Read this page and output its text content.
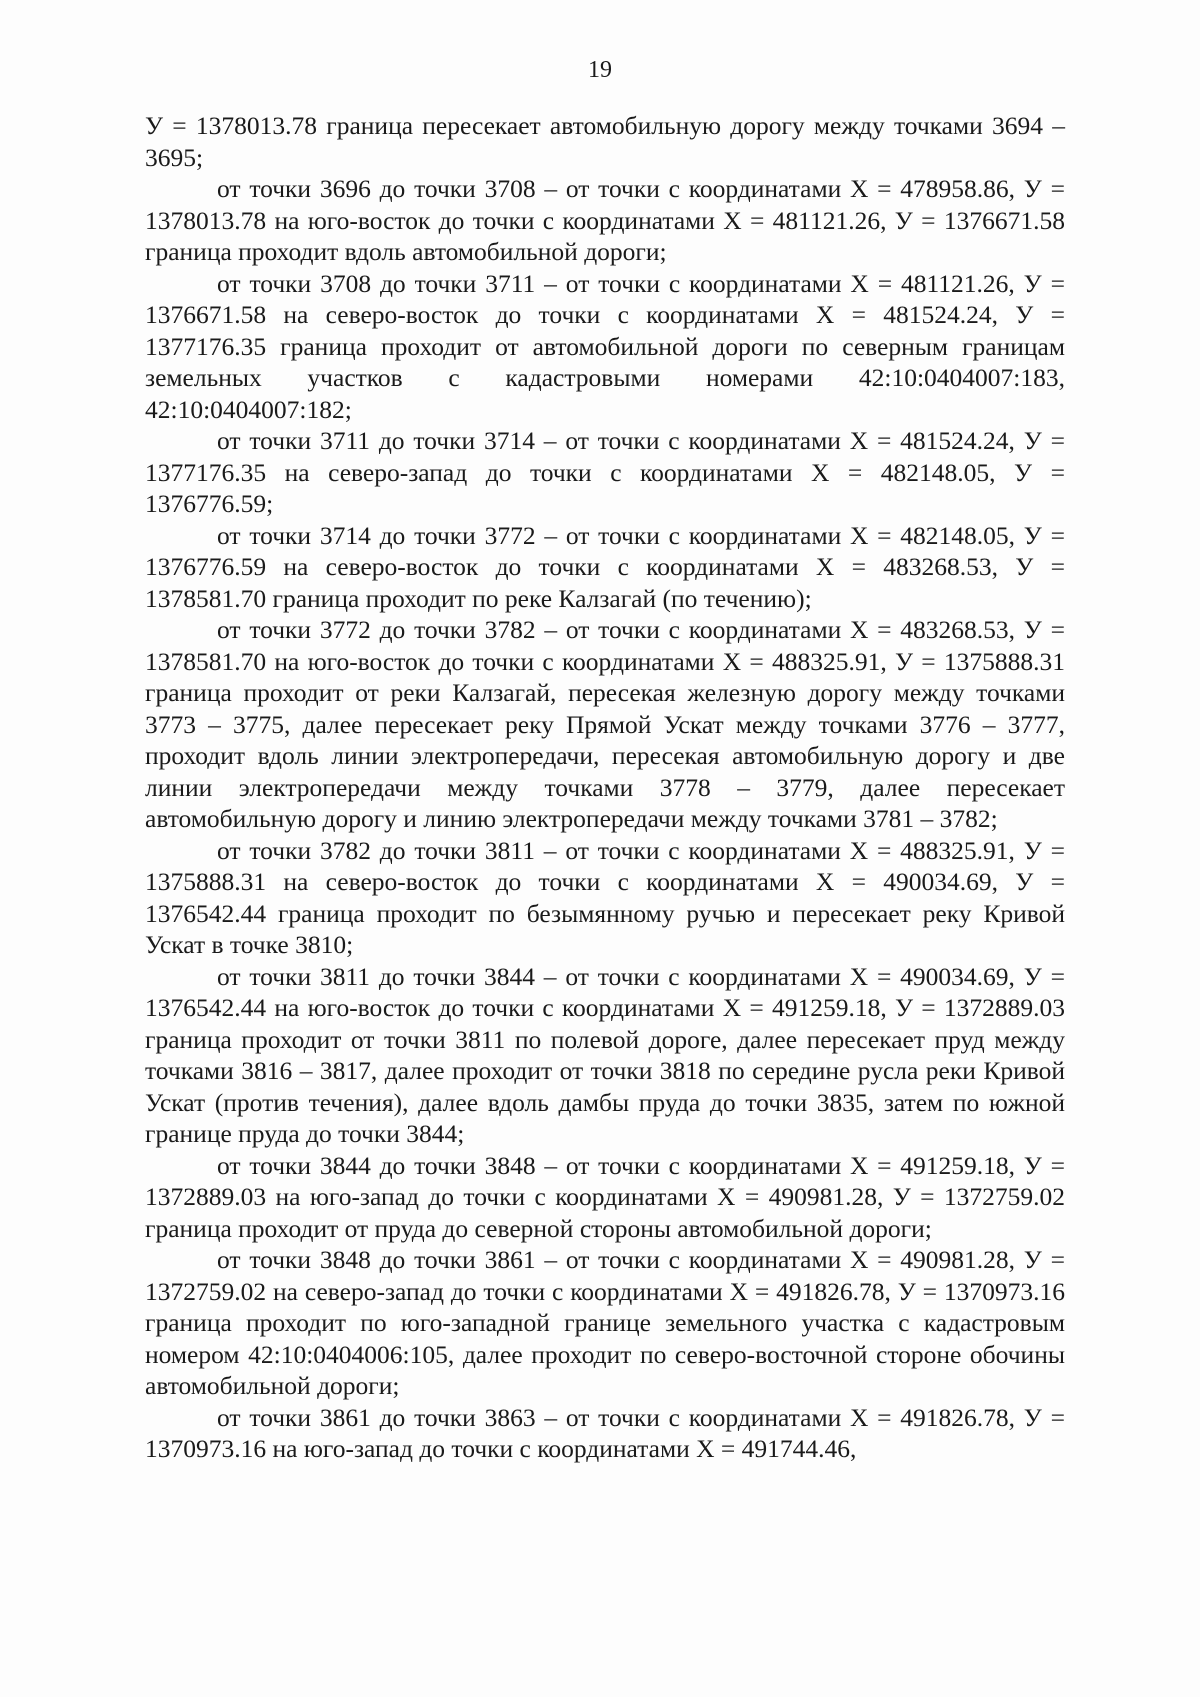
19

У = 1378013.78 граница пересекает автомобильную дорогу между точками 3694 – 3695;

от точки 3696 до точки 3708 – от точки с координатами Х = 478958.86, У = 1378013.78 на юго-восток до точки с координатами Х = 481121.26, У = 1376671.58 граница проходит вдоль автомобильной дороги;

от точки 3708 до точки 3711 – от точки с координатами Х = 481121.26, У = 1376671.58 на северо-восток до точки с координатами Х = 481524.24, У = 1377176.35 граница проходит от автомобильной дороги по северным границам земельных участков с кадастровыми номерами 42:10:0404007:183, 42:10:0404007:182;

от точки 3711 до точки 3714 – от точки с координатами Х = 481524.24, У = 1377176.35 на северо-запад до точки с координатами Х = 482148.05, У = 1376776.59;

от точки 3714 до точки 3772 – от точки с координатами Х = 482148.05, У = 1376776.59 на северо-восток до точки с координатами Х = 483268.53, У = 1378581.70 граница проходит по реке Калзагай (по течению);

от точки 3772 до точки 3782 – от точки с координатами Х = 483268.53, У = 1378581.70 на юго-восток до точки с координатами Х = 488325.91, У = 1375888.31 граница проходит от реки Калзагай, пересекая железную дорогу между точками 3773 – 3775, далее пересекает реку Прямой Ускат между точками 3776 – 3777, проходит вдоль линии электропередачи, пересекая автомобильную дорогу и две линии электропередачи между точками 3778 – 3779, далее пересекает автомобильную дорогу и линию электропередачи между точками 3781 – 3782;

от точки 3782 до точки 3811 – от точки с координатами Х = 488325.91, У = 1375888.31 на северо-восток до точки с координатами Х = 490034.69, У = 1376542.44 граница проходит по безымянному ручью и пересекает реку Кривой Ускат в точке 3810;

от точки 3811 до точки 3844 – от точки с координатами Х = 490034.69, У = 1376542.44 на юго-восток до точки с координатами Х = 491259.18, У = 1372889.03 граница проходит от точки 3811 по полевой дороге, далее пересекает пруд между точками 3816 – 3817, далее проходит от точки 3818 по середине русла реки Кривой Ускат (против течения), далее вдоль дамбы пруда до точки 3835, затем по южной границе пруда до точки 3844;

от точки 3844 до точки 3848 – от точки с координатами Х = 491259.18, У = 1372889.03 на юго-запад до точки с координатами Х = 490981.28, У = 1372759.02 граница проходит от пруда до северной стороны автомобильной дороги;

от точки 3848 до точки 3861 – от точки с координатами Х = 490981.28, У = 1372759.02 на северо-запад до точки с координатами Х = 491826.78, У = 1370973.16 граница проходит по юго-западной границе земельного участка с кадастровым номером 42:10:0404006:105, далее проходит по северо-восточной стороне обочины автомобильной дороги;

от точки 3861 до точки 3863 – от точки с координатами Х = 491826.78, У = 1370973.16 на юго-запад до точки с координатами Х = 491744.46,
